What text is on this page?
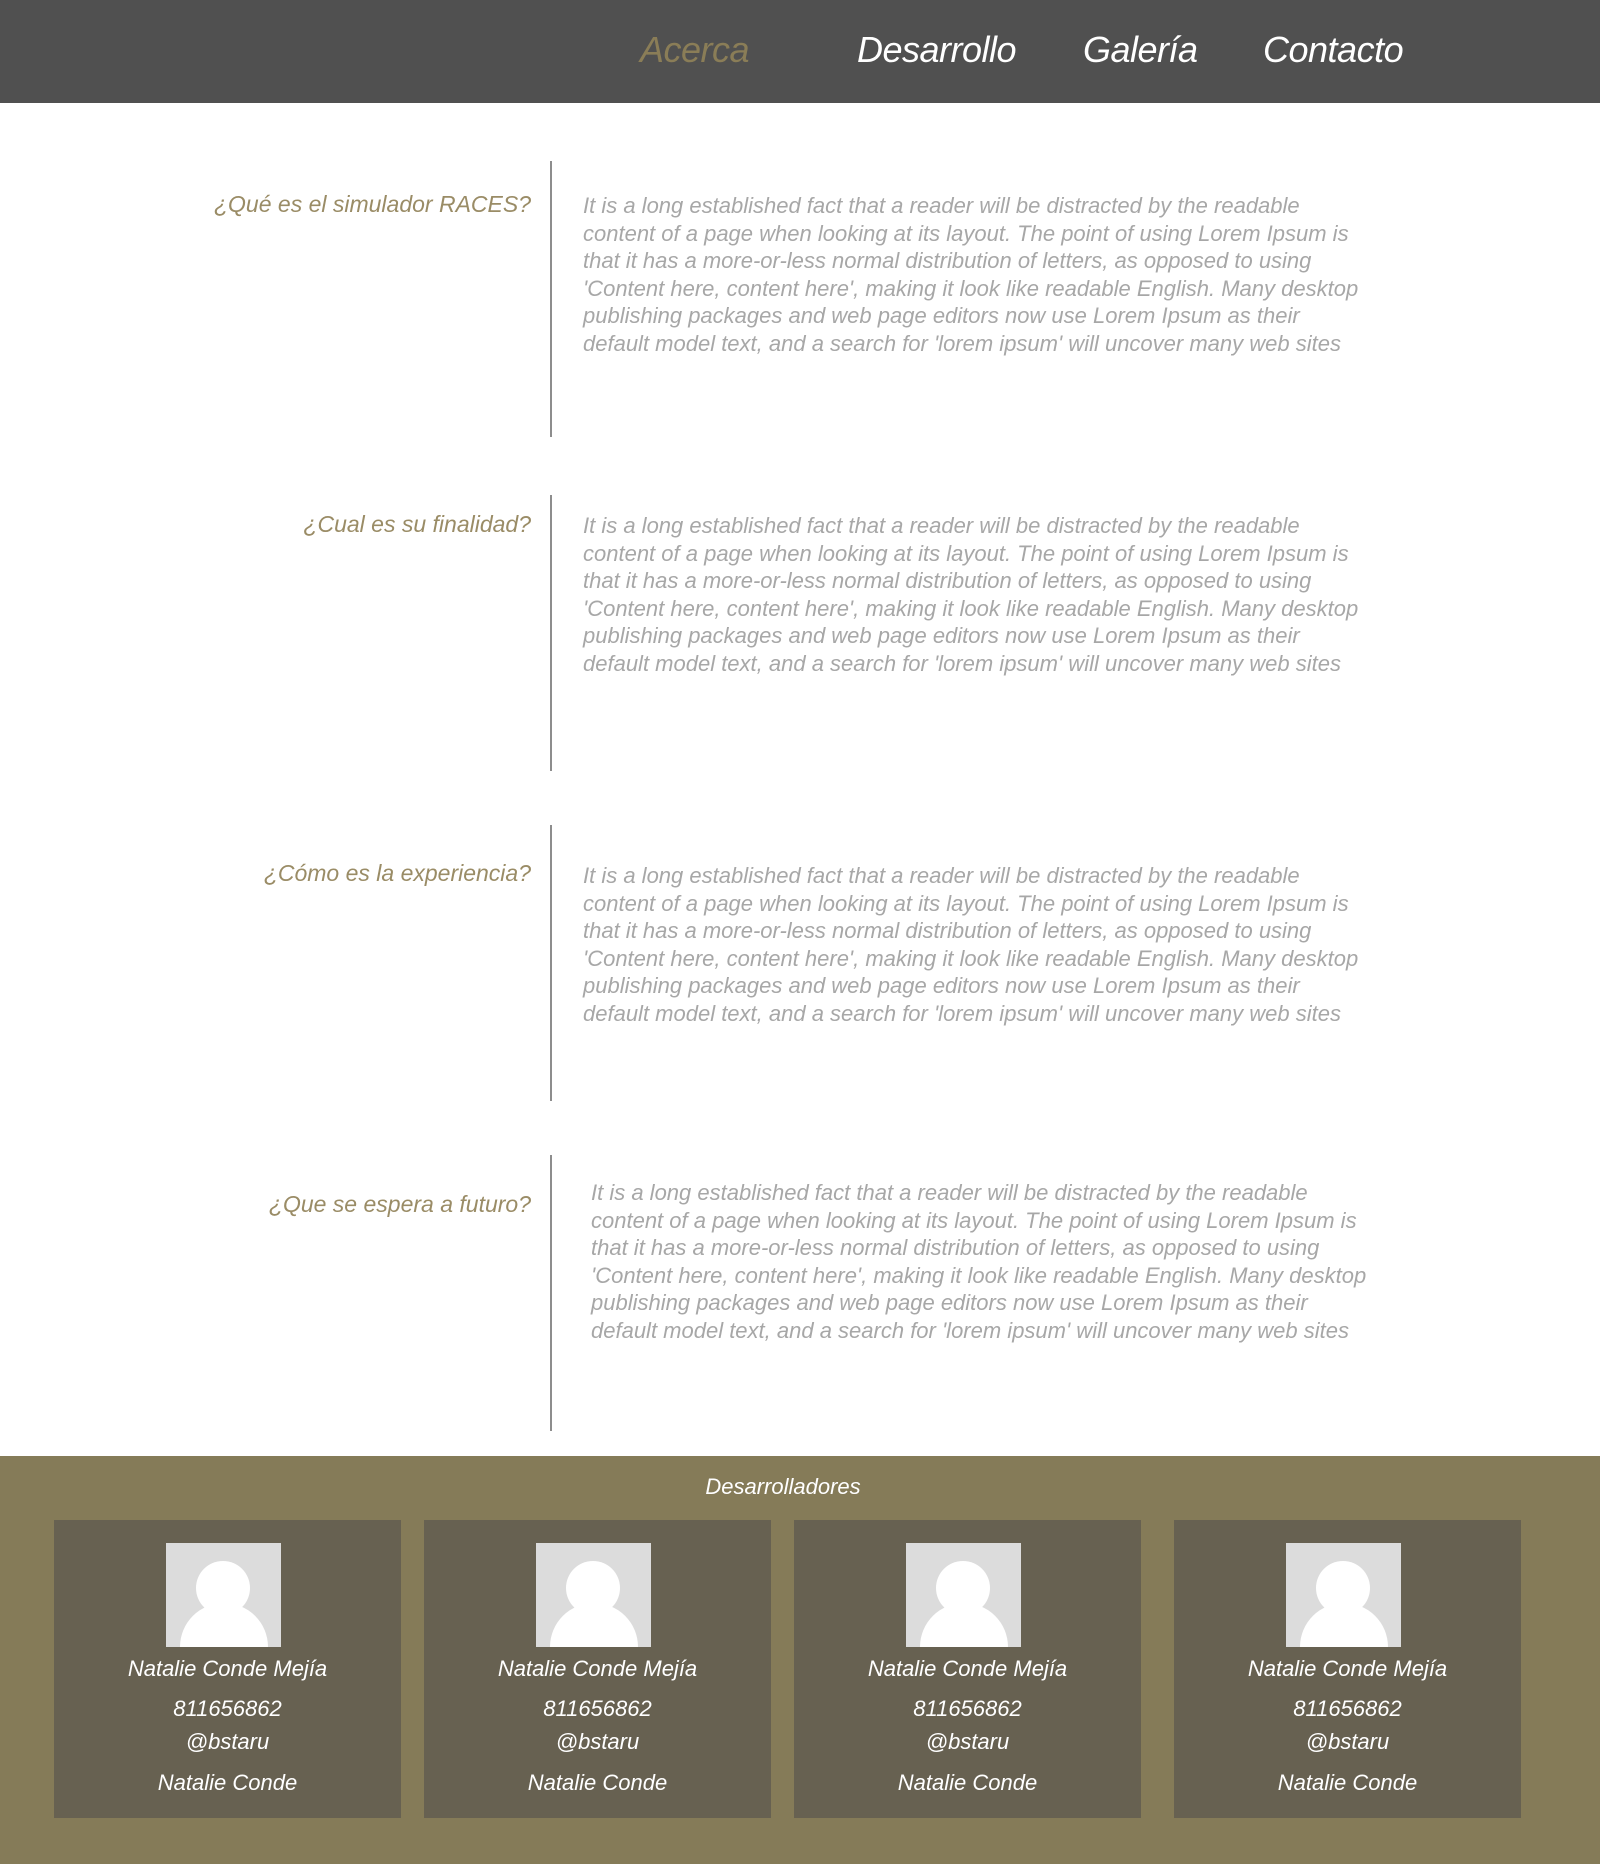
Acerca	Desarrollo Galería Contacto
¿Qué es el simulador RACES? It is a long established fact that a reader will be distracted by the readable
content of a page when looking at its layout. The point of using Lorem Ipsum is
that it has a more-or-less normal distribution of letters, as opposed to using
'Content here, content here', making it look like readable English. Many desktop
publishing packages and web page editors now use Lorem Ipsum as their
default model text, and a search for 'lorem ipsum' will uncover many web sites
¿Cual es su finalidad? It is a long established fact that a reader will be distracted by the readable
content of a page when looking at its layout. The point of using Lorem Ipsum is
that it has a more-or-less normal distribution of letters, as opposed to using
'Content here, content here', making it look like readable English. Many desktop
publishing packages and web page editors now use Lorem Ipsum as their
default model text, and a search for 'lorem ipsum' will uncover many web sites
¿Cómo es la experiencia? It is a long established fact that a reader will be distracted by the readable
content of a page when looking at its layout. The point of using Lorem Ipsum is
that it has a more-or-less normal distribution of letters, as opposed to using
'Content here, content here', making it look like readable English. Many desktop
publishing packages and web page editors now use Lorem Ipsum as their
default model text, and a search for 'lorem ipsum' will uncover many web sites
¿Que se espera a futuro?	It is a long established fact that a reader will be distracted by the readable
content of a page when looking at its layout. The point of using Lorem Ipsum is
that it has a more-or-less normal distribution of letters, as opposed to using
'Content here, content here', making it look like readable English. Many desktop
publishing packages and web page editors now use Lorem Ipsum as their
default model text, and a search for 'lorem ipsum' will uncover many web sites
Desarrolladores
Natalie Conde Mejía
811656862
@bstaru
Natalie Conde
Natalie Conde Mejía
811656862
@bstaru
Natalie Conde
Natalie Conde Mejía
811656862
@bstaru
Natalie Conde
Natalie Conde Mejía
811656862
@bstaru
Natalie Conde
